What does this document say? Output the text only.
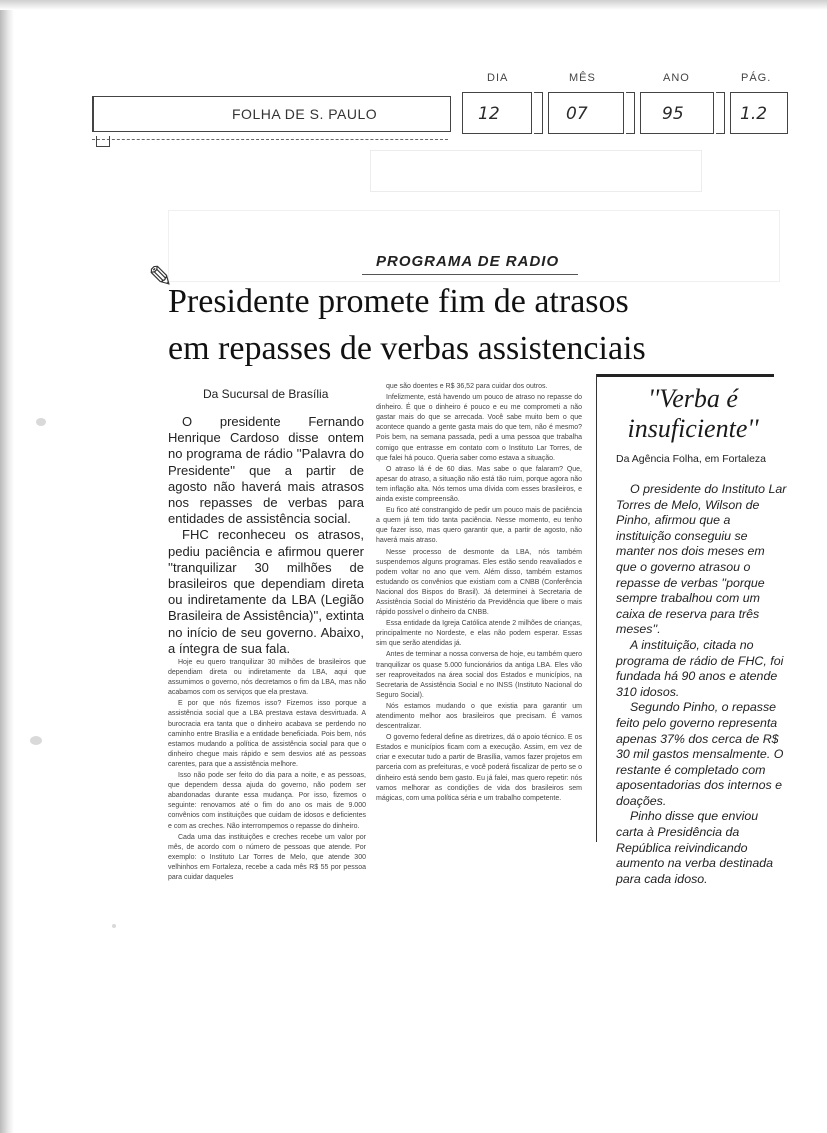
FOLHA DE S. PAULO
DIA
12
MÊS
07
ANO
95
PÁG.
1.2
✎	PROGRAMA DE RADIO
Presidente promete fim de atrasos
em repasses de verbas assistenciais
Da Sucursal de Brasília

O presidente Fernando Henrique Cardoso disse ontem no programa de rádio ''Palavra do Presidente'' que a partir de agosto não haverá mais atrasos nos repasses de verbas para entidades de assistência social.

FHC reconheceu os atrasos, pediu paciência e afirmou querer ''tranquilizar 30 milhões de brasileiros que dependiam direta ou indiretamente da LBA (Legião Brasileira de Assistência)'', extinta no início de seu governo. Abaixo, a íntegra de sua fala.

Hoje eu quero tranquilizar 30 milhões de brasileiros que dependiam direta ou indiretamente da LBA, aqui que assumimos o governo, nós decretamos o fim da LBA, mas não acabamos com os serviços que ela prestava.

E por que nós fizemos isso? Fizemos isso porque a assistência social que a LBA prestava estava desvirtuada. A burocracia era tanta que o dinheiro acabava se perdendo no caminho entre Brasília e a entidade beneficiada. Pois bem, nós estamos mudando a política de assistência social para que o dinheiro chegue mais rápido e sem desvios até as pessoas carentes, para que a assistência melhore.

Isso não pode ser feito do dia para a noite, e as pessoas, que dependem dessa ajuda do governo, não podem ser abandonadas durante essa mudança. Por isso, fizemos o seguinte: renovamos até o fim do ano os mais de 9.000 convênios com instituições que cuidam de idosos e deficientes e com as creches. Não interrompemos o repasse do dinheiro.

Cada uma das instituições e creches recebe um valor por mês, de acordo com o número de pessoas que atende. Por exemplo: o Instituto Lar Torres de Melo, que atende 300 velhinhos em Fortaleza, recebe a cada mês R$ 55 por pessoa para cuidar daqueles

que são doentes e R$ 36,52 para cuidar dos outros.

Infelizmente, está havendo um pouco de atraso no repasse do dinheiro. É que o dinheiro é pouco e eu me comprometi a não gastar mais do que se arrecada. Você sabe muito bem o que acontece quando a gente gasta mais do que tem, não é mesmo? Pois bem, na semana passada, pedi a uma pessoa que trabalha comigo que entrasse em contato com o Instituto Lar Torres, de que falei há pouco. Queria saber como estava a situação.

O atraso lá é de 60 dias. Mas sabe o que falaram? Que, apesar do atraso, a situação não está tão ruim, porque agora não tem inflação alta. Nós temos uma dívida com esses brasileiros, e ainda existe compreensão.

Eu fico até constrangido de pedir um pouco mais de paciência a quem já tem tido tanta paciência. Nesse momento, eu tenho que fazer isso, mas quero garantir que, a partir de agosto, não haverá mais atraso.

Nesse processo de desmonte da LBA, nós também suspendemos alguns programas. Eles estão sendo reavaliados e podem voltar no ano que vem. Além disso, também estamos estudando os convênios que existiam com a CNBB (Conferência Nacional dos Bispos do Brasil). Já determinei à Secretaria de Assistência Social do Ministério da Previdência que libere o mais rápido possível o dinheiro da CNBB.

Essa entidade da Igreja Católica atende 2 milhões de crianças, principalmente no Nordeste, e elas não podem esperar. Essas sim que serão atendidas já.

Antes de terminar a nossa conversa de hoje, eu também quero tranquilizar os quase 5.000 funcionários da antiga LBA. Eles vão ser reaproveitados na área social dos Estados e municípios, na Secretaria de Assistência Social e no INSS (Instituto Nacional do Seguro Social).

Nós estamos mudando o que existia para garantir um atendimento melhor aos brasileiros que precisam. É vamos descentralizar.

O governo federal define as diretrizes, dá o apoio técnico. E os Estados e municípios ficam com a execução. Assim, em vez de criar e executar tudo a partir de Brasília, vamos fazer projetos em parceria com as prefeituras, e você poderá fiscalizar de perto se o dinheiro está sendo bem gasto. Eu já falei, mas quero repetir: nós vamos melhorar as condições de vida dos brasileiros sem mágicas, com uma política séria e um trabalho competente.

''Verba é insuficiente''
Da Agência Folha, em Fortaleza

O presidente do Instituto Lar Torres de Melo, Wilson de Pinho, afirmou que a instituição conseguiu se manter nos dois meses em que o governo atrasou o repasse de verbas ''porque sempre trabalhou com um caixa de reserva para três meses''.

A instituição, citada no programa de rádio de FHC, foi fundada há 90 anos e atende 310 idosos.

Segundo Pinho, o repasse feito pelo governo representa apenas 37% dos cerca de R$ 30 mil gastos mensalmente. O restante é completado com aposentadorias dos internos e doações.

Pinho disse que enviou carta à Presidência da República reivindicando aumento na verba destinada para cada idoso.
